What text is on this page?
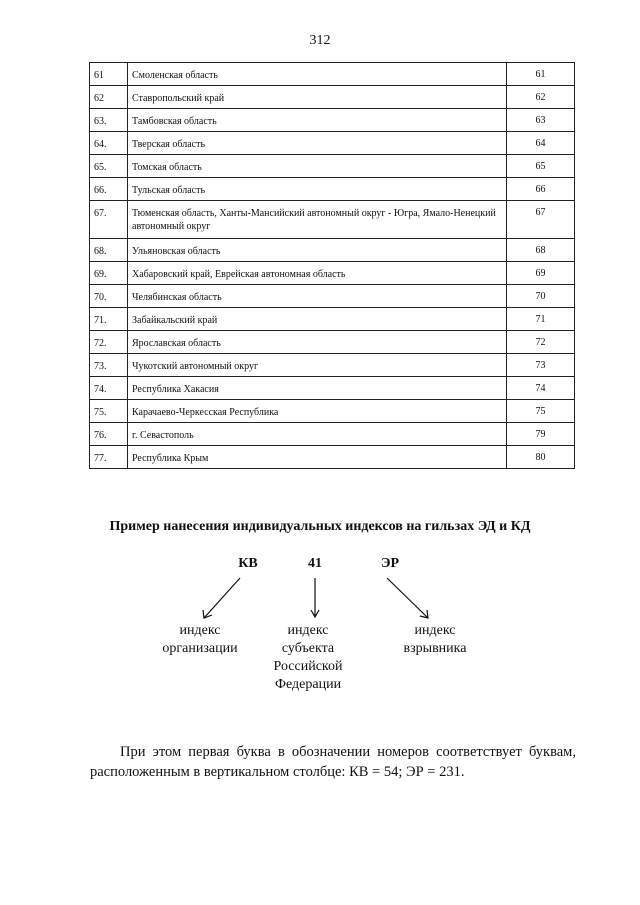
312
61	Смоленская область	61
62	Ставропольский край	62
63.	Тамбовская область	63
64.	Тверская область	64
65.	Томская область	65
66.	Тульская область	66
67.	Тюменская область, Ханты-Мансийский автономный округ - Югра, Ямало-Ненецкий автономный округ	67
68.	Ульяновская область	68
69.	Хабаровский край, Еврейская автономная область	69
70.	Челябинская область	70
71.	Забайкальский край	71
72.	Ярославская область	72
73.	Чукотский автономный округ	73
74.	Республика Хакасия	74
75.	Карачаево-Черкесская Республика	75
76.	г. Севастополь	79
77.	Республика Крым	80
Пример нанесения индивидуальных индексов на гильзах ЭД и КД
КВ	41	ЭР
индекс
организации
индекс
субъекта
Российской
Федерации
индекс
взрывника
При этом первая буква в обозначении номеров соответствует буквам, расположенным в вертикальном столбце: КВ = 54; ЭР = 231.
